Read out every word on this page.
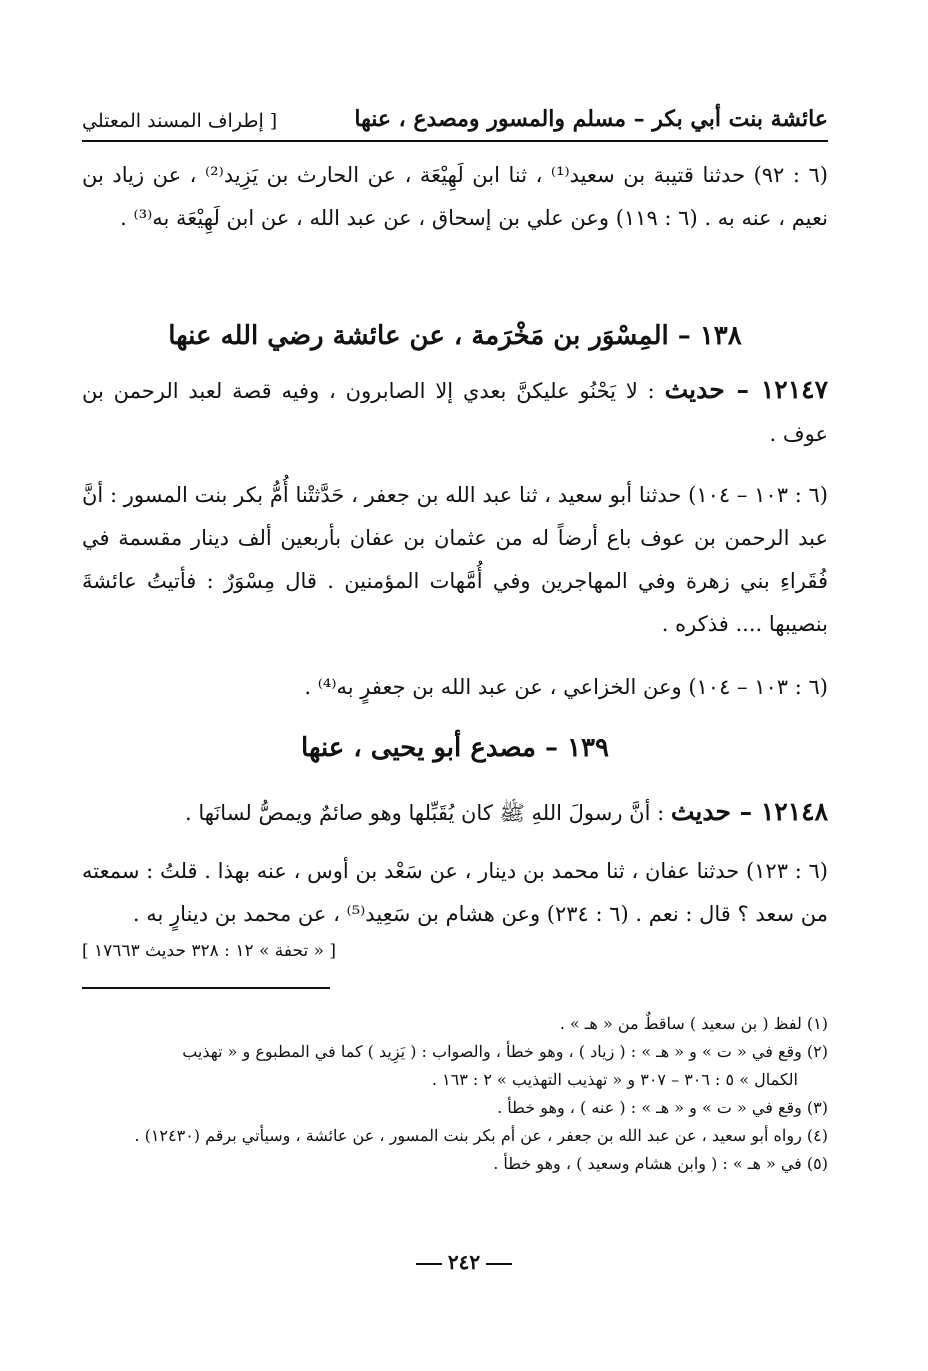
عائشة بنت أبي بكر – مسلم والمسور ومصدع ، عنها
[ إطراف المسند المعتلي

(٦ : ٩٢) حدثنا قتيبة بن سعيد⁽¹⁾ ، ثنا ابن لَهِيْعَة ، عن الحارث بن يَزِيد⁽²⁾ ، عن زياد بن نعيم ، عنه به . (٦ : ١١٩) وعن علي بن إسحاق ، عن عبد الله ، عن ابن لَهِيْعَة به⁽³⁾ .

١٣٨ – المِسْوَر بن مَخْرَمة ، عن عائشة رضي الله عنها
١٢١٤٧ – حديث : لا يَحْنُو عليكنَّ بعدي إلا الصابرون ، وفيه قصة لعبد الرحمن بن عوف .

(٦ : ١٠٣ – ١٠٤) حدثنا أبو سعيد ، ثنا عبد الله بن جعفر ، حَدَّثتْنا أُمُّ بكر بنت المسور : أنَّ عبد الرحمن بن عوف باع أرضاً له من عثمان بن عفان بأربعين ألف دينار مقسمة في فُقَراءِ بني زهرة وفي المهاجرين وفي أُمَّهات المؤمنين . قال مِسْوَرٌ : فأتيتُ عائشةَ بنصيبها .... فذكره .

(٦ : ١٠٣ – ١٠٤) وعن الخزاعي ، عن عبد الله بن جعفرٍ به⁽⁴⁾ .

١٣٩ – مصدع أبو يحيى ، عنها
١٢١٤٨ – حديث : أنَّ رسولَ اللهِ ﷺ كان يُقَبِّلها وهو صائمٌ ويمصُّ لسانَها .

(٦ : ١٢٣) حدثنا عفان ، ثنا محمد بن دينار ، عن سَعْد بن أوس ، عنه بهذا . قلتُ : سمعته من سعد ؟ قال : نعم . (٦ : ٢٣٤) وعن هشام بن سَعِيد⁽⁵⁾ ، عن محمد بن دينارٍ به .

[ « تحفة » ١٢ : ٣٢٨ حديث ١٧٦٦٣ ]

(١) لفظ ( بن سعيد ) ساقطٌ من « هـ » .

(٢) وقع في « ت » و « هـ » : ( زياد ) ، وهو خطأ ، والصواب : ( يَزِيد ) كما في المطبوع و « تهذيب

الكمال » ٥ : ٣٠٦ – ٣٠٧ و « تهذيب التهذيب » ٢ : ١٦٣ .

(٣) وقع في « ت » و « هـ » : ( عنه ) ، وهو خطأ .

(٤) رواه أبو سعيد ، عن عبد الله بن جعفر ، عن أم بكر بنت المسور ، عن عائشة ، وسيأتي برقم (١٢٤٣٠) .

(٥) في « هـ » : ( وابن هشام وسعيد ) ، وهو خطأ .

٢٤٢
